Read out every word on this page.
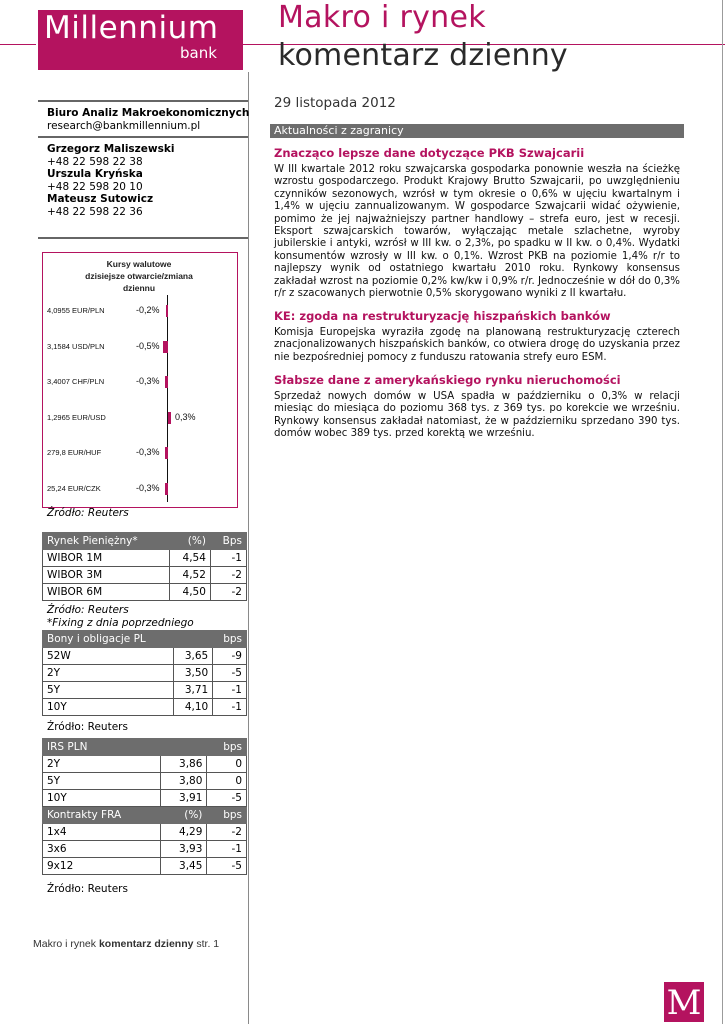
Millennium
bank
Makro i rynek
komentarz dzienny
Biuro Analiz Makroekonomicznych
research@bankmillennium.pl
Grzegorz Maliszewski
+48 22 598 22 38
Urszula Kryńska
+48 22 598 20 10
Mateusz Sutowicz
+48 22 598 22 36
Kursy walutowe
dzisiejsze otwarcie/zmiana
dziennu
4,0955 EUR/PLN	-0,2%
3,1584 USD/PLN	-0,5%
3,4007 CHF/PLN	-0,3%
1,2965 EUR/USD	0,3%
279,8 EUR/HUF	-0,3%
25,24 EUR/CZK	-0,3%
Źródło: Reuters
Rynek Pieniężny*	(%)	Bps
WIBOR 1M	4,54	-1
WIBOR 3M	4,52	-2
WIBOR 6M	4,50	-2
Źródło: Reuters
*Fixing z dnia poprzedniego
Bony i obligacje PL		bps
52W	3,65	-9
2Y	3,50	-5
5Y	3,71	-1
10Y	4,10	-1
Źródło: Reuters
IRS PLN		bps
2Y	3,86	0
5Y	3,80	0
10Y	3,91	-5
Kontrakty FRA	(%)	bps
1x4	4,29	-2
3x6	3,93	-1
9x12	3,45	-5
Źródło: Reuters
29 listopada 2012
Aktualności z zagranicy
Znacząco lepsze dane dotyczące PKB Szwajcarii
W III kwartale 2012 roku szwajcarska gospodarka ponownie weszła na ścieżkę wzrostu gospodarczego. Produkt Krajowy Brutto Szwajcarii, po uwzględnieniu czynników sezonowych, wzrósł w tym okresie o 0,6% w ujęciu kwartalnym i 1,4% w ujęciu zannualizowanym. W gospodarce Szwajcarii widać ożywienie, pomimo że jej najważniejszy partner handlowy – strefa euro, jest w recesji. Eksport szwajcarskich towarów, wyłączając metale szlachetne, wyroby jubilerskie i antyki, wzrósł w III kw. o 2,3%, po spadku w II kw. o 0,4%. Wydatki konsumentów wzrosły w III kw. o 0,1%. Wzrost PKB na poziomie 1,4% r/r to najlepszy wynik od ostatniego kwartału 2010 roku. Rynkowy konsensus zakładał wzrost na poziomie 0,2% kw/kw i 0,9% r/r. Jednocześnie w dół do 0,3% r/r z szacowanych pierwotnie 0,5% skorygowano wyniki z II kwartału.
KE: zgoda na restrukturyzację hiszpańskich banków
Komisja Europejska wyraziła zgodę na planowaną restrukturyzację czterech znacjonalizowanych hiszpańskich banków, co otwiera drogę do uzyskania przez nie bezpośredniej pomocy z funduszu ratowania strefy euro ESM.
Słabsze dane z amerykańskiego rynku nieruchomości
Sprzedaż nowych domów w USA spadła w październiku o 0,3% w relacji miesiąc do miesiąca do poziomu 368 tys. z 369 tys. po korekcie we wrześniu. Rynkowy konsensus zakładał natomiast, że w październiku sprzedano 390 tys. domów wobec 389 tys. przed korektą we wrześniu.
Makro i rynek komentarz dzienny str. 1
M
